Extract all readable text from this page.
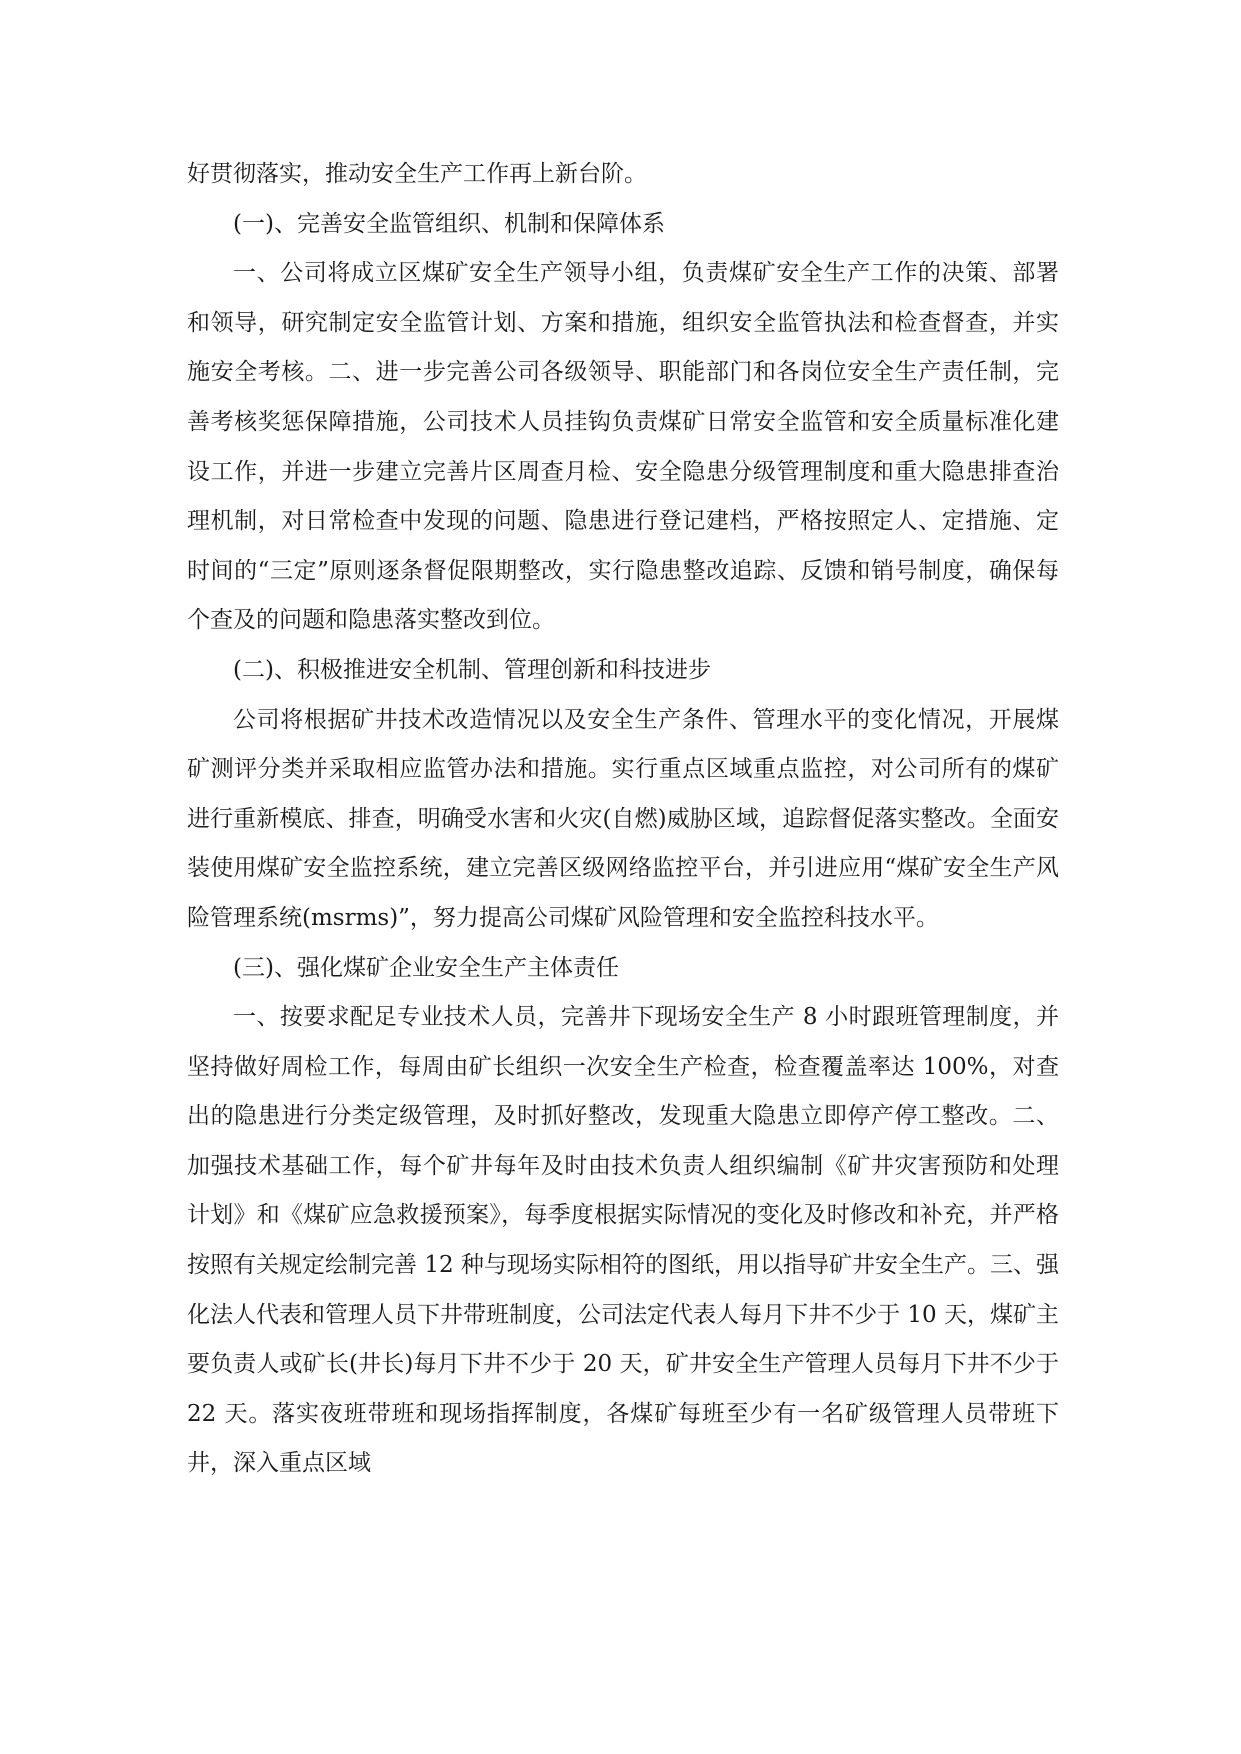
好贯彻落实，推动安全生产工作再上新台阶。

(一)、完善安全监管组织、机制和保障体系

一、公司将成立区煤矿安全生产领导小组，负责煤矿安全生产工作的决策、部署和领导，研究制定安全监管计划、方案和措施，组织安全监管执法和检查督查，并实施安全考核。二、进一步完善公司各级领导、职能部门和各岗位安全生产责任制，完善考核奖惩保障措施，公司技术人员挂钩负责煤矿日常安全监管和安全质量标准化建设工作，并进一步建立完善片区周查月检、安全隐患分级管理制度和重大隐患排查治理机制，对日常检查中发现的问题、隐患进行登记建档，严格按照定人、定措施、定时间的“三定”原则逐条督促限期整改，实行隐患整改追踪、反馈和销号制度，确保每个查及的问题和隐患落实整改到位。

(二)、积极推进安全机制、管理创新和科技进步

公司将根据矿井技术改造情况以及安全生产条件、管理水平的变化情况，开展煤矿测评分类并采取相应监管办法和措施。实行重点区域重点监控，对公司所有的煤矿进行重新模底、排查，明确受水害和火灾(自燃)威胁区域，追踪督促落实整改。全面安装使用煤矿安全监控系统，建立完善区级网络监控平台，并引进应用“煤矿安全生产风险管理系统(msrms)”，努力提高公司煤矿风险管理和安全监控科技水平。

(三)、强化煤矿企业安全生产主体责任

一、按要求配足专业技术人员，完善井下现场安全生产 8 小时跟班管理制度，并坚持做好周检工作，每周由矿长组织一次安全生产检查，检查覆盖率达 100%，对查出的隐患进行分类定级管理，及时抓好整改，发现重大隐患立即停产停工整改。二、加强技术基础工作，每个矿井每年及时由技术负责人组织编制《矿井灾害预防和处理计划》和《煤矿应急救援预案》，每季度根据实际情况的变化及时修改和补充，并严格按照有关规定绘制完善 12 种与现场实际相符的图纸，用以指导矿井安全生产。三、强化法人代表和管理人员下井带班制度，公司法定代表人每月下井不少于 10 天，煤矿主要负责人或矿长(井长)每月下井不少于 20 天，矿井安全生产管理人员每月下井不少于 22 天。落实夜班带班和现场指挥制度，各煤矿每班至少有一名矿级管理人员带班下井，深入重点区域
